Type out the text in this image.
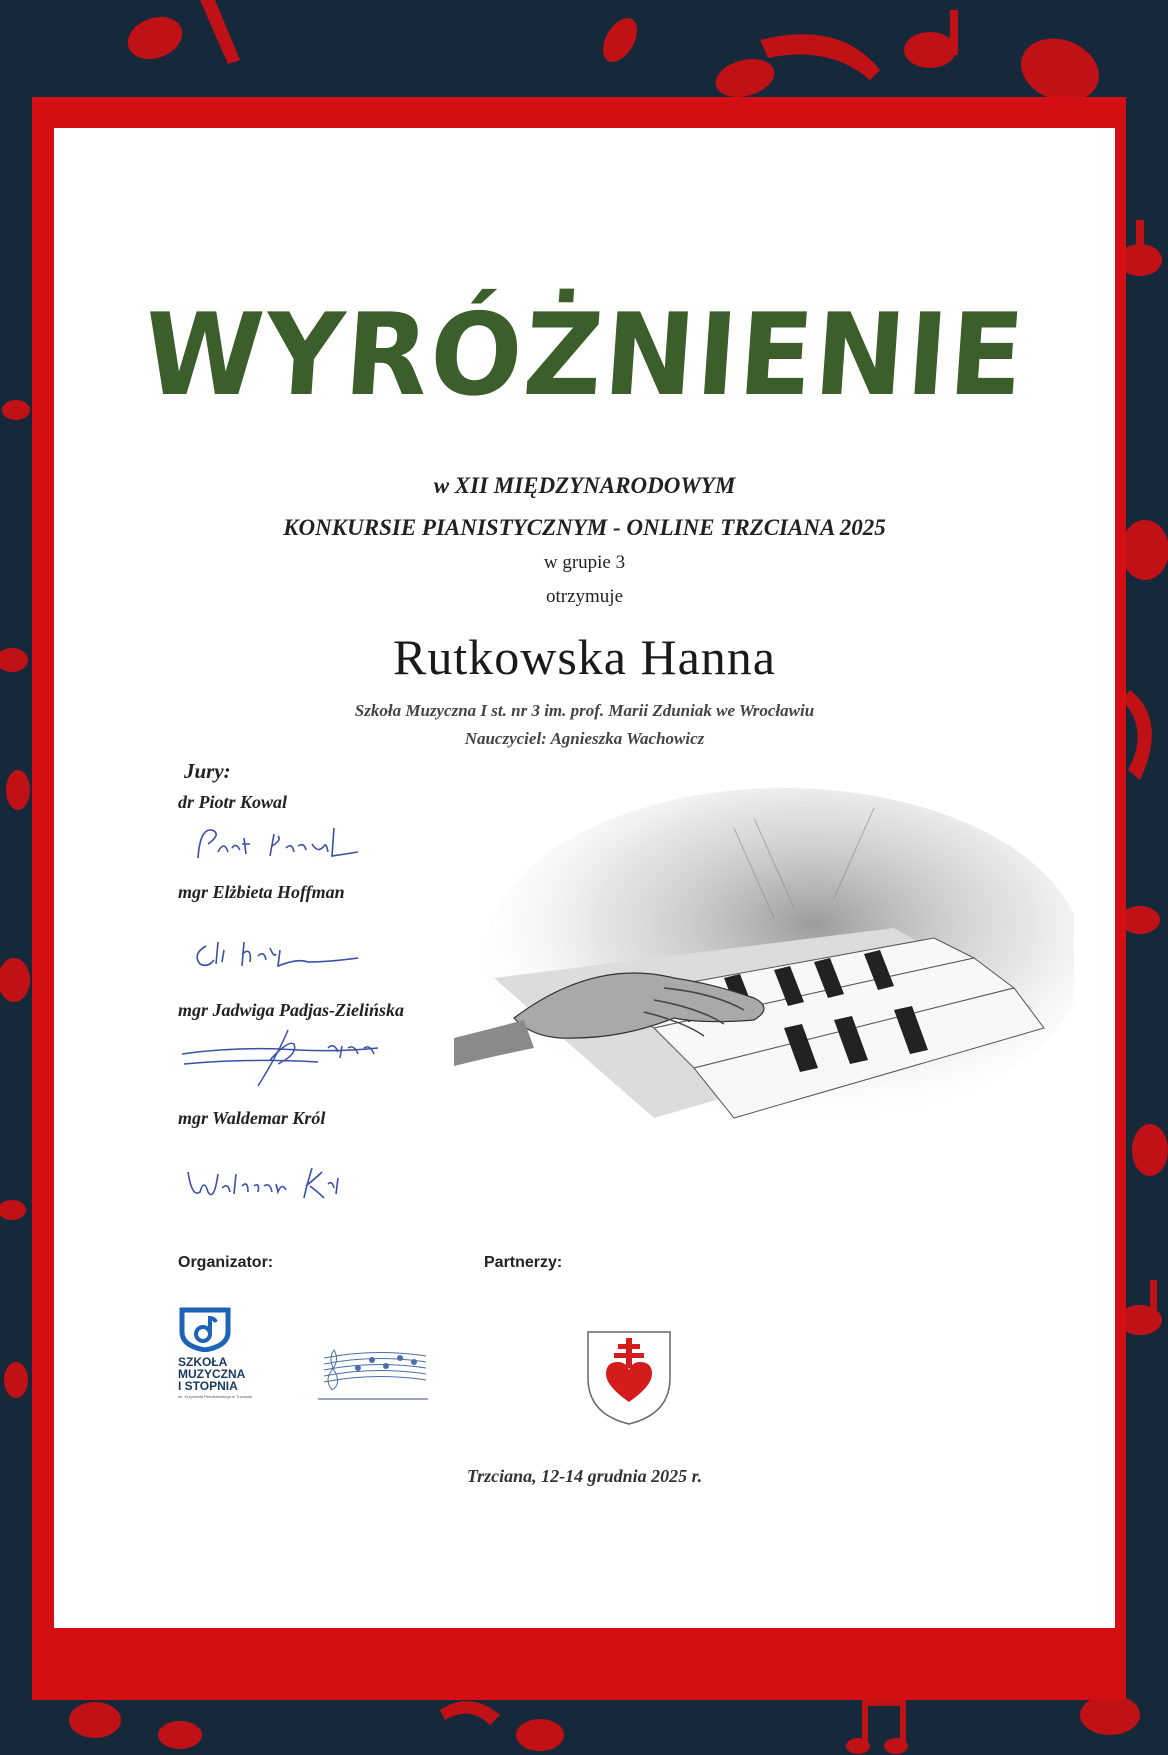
WYRÓŻNIENIE
w XII MIĘDZYNARODOWYM
KONKURSIE PIANISTYCZNYM - ONLINE TRZCIANA 2025
w grupie 3
otrzymuje
Rutkowska Hanna
Szkoła Muzyczna I st. nr 3 im. prof. Marii Zduniak we Wrocławiu
Nauczyciel: Agnieszka Wachowicz
Jury:
dr Piotr Kowal
mgr Elżbieta Hoffman
mgr Jadwiga Padjas-Zielińska
mgr Waldemar Król
Organizator:	Partnerzy:
SZKOŁA
MUZYCZNA
I STOPNIA
im. Krzysztofa Pendereckiego w Trzcianie
Trzciana, 12-14 grudnia 2025 r.
